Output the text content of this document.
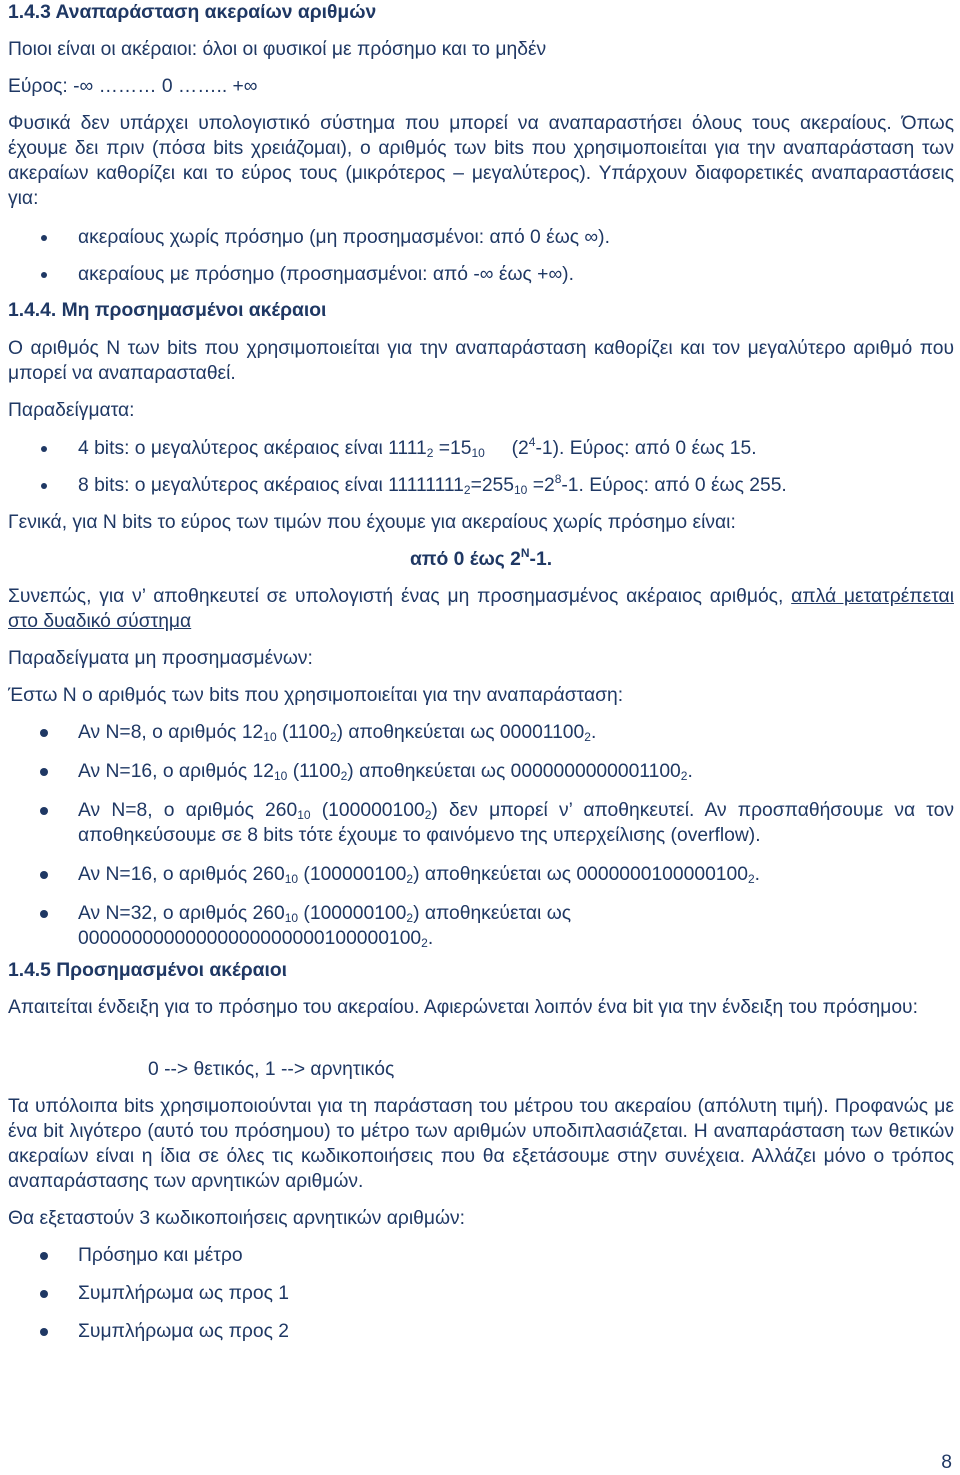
1.4.3 Αναπαράσταση ακεραίων αριθμών

Ποιοι είναι οι ακέραιοι: όλοι οι φυσικοί με πρόσημο και το μηδέν

Εύρος: -∞ ……… 0 …….. +∞

Φυσικά δεν υπάρχει υπολογιστικό σύστημα που μπορεί να αναπαραστήσει όλους τους ακεραίους. Όπως έχουμε δει πριν (πόσα bits χρειάζομαι), ο αριθμός των bits που χρησιμοποιείται για την αναπαράσταση των ακεραίων καθορίζει και το εύρος τους (μικρότερος – μεγαλύτερος). Υπάρχουν διαφορετικές αναπαραστάσεις για:

ακεραίους χωρίς πρόσημο (μη προσημασμένοι: από 0 έως ∞).
ακεραίους με πρόσημο (προσημασμένοι: από -∞ έως +∞).

1.4.4. Μη προσημασμένοι ακέραιοι

Ο αριθμός Ν των bits που χρησιμοποιείται για την αναπαράσταση καθορίζει και τον μεγαλύτερο αριθμό που μπορεί να αναπαρασταθεί.

Παραδείγματα:

4 bits: ο μεγαλύτερος ακέραιος είναι $1111_2 =15_{10}$     $(2^4-1)$. Εύρος: από 0 έως 15.
8 bits: ο μεγαλύτερος ακέραιος είναι $11111111_2=255_{10} =2^8-1$. Εύρος: από 0 έως 255.

Γενικά, για Ν bits το εύρος των τιμών που έχουμε για ακεραίους χωρίς πρόσημο είναι:

από 0 έως $2^N-1$.

Συνεπώς, για ν’ αποθηκευτεί σε υπολογιστή ένας μη προσημασμένος ακέραιος αριθμός, απλά μετατρέπεται στο δυαδικό σύστημα

Παραδείγματα μη προσημασμένων:

Έστω Ν ο αριθμός των bits που χρησιμοποιείται για την αναπαράσταση:

Αν Ν=8, ο αριθμός $12_{10}$ $(1100_2)$ αποθηκεύεται ως $00001100_2$.
Αν Ν=16, ο αριθμός $12_{10}$ $(1100_2)$ αποθηκεύεται ως $0000000000001100_2$.
Αν Ν=8, ο αριθμός $260_{10}$ $(100000100_2)$ δεν μπορεί ν’ αποθηκευτεί. Αν προσπαθήσουμε να τον αποθηκεύσουμε σε 8 bits τότε έχουμε το φαινόμενο της υπερχείλισης (overflow).
Αν Ν=16, ο αριθμός $260_{10}$ $(100000100_2)$ αποθηκεύεται ως $0000000100000100_2$.
Αν Ν=32, ο αριθμός $260_{10}$ $(100000100_2)$ αποθηκεύεται ως $00000000000000000000000100000100_2$.

1.4.5 Προσημασμένοι ακέραιοι

Απαιτείται ένδειξη για το πρόσημο του ακεραίου. Αφιερώνεται λοιπόν ένα bit για την ένδειξη του πρόσημου:

0 --> θετικός, 1 --> αρνητικός

Τα υπόλοιπα bits χρησιμοποιούνται για τη παράσταση του μέτρου του ακεραίου (απόλυτη τιμή). Προφανώς με ένα bit λιγότερο (αυτό του πρόσημου) το μέτρο των αριθμών υποδιπλασιάζεται. Η αναπαράσταση των θετικών ακεραίων είναι η ίδια σε όλες τις κωδικοποιήσεις που θα εξετάσουμε στην συνέχεια. Αλλάζει μόνο ο τρόπος αναπαράστασης των αρνητικών αριθμών.

Θα εξεταστούν 3 κωδικοποιήσεις αρνητικών αριθμών:

Πρόσημο και μέτρο
Συμπλήρωμα ως προς 1
Συμπλήρωμα ως προς 2
8
